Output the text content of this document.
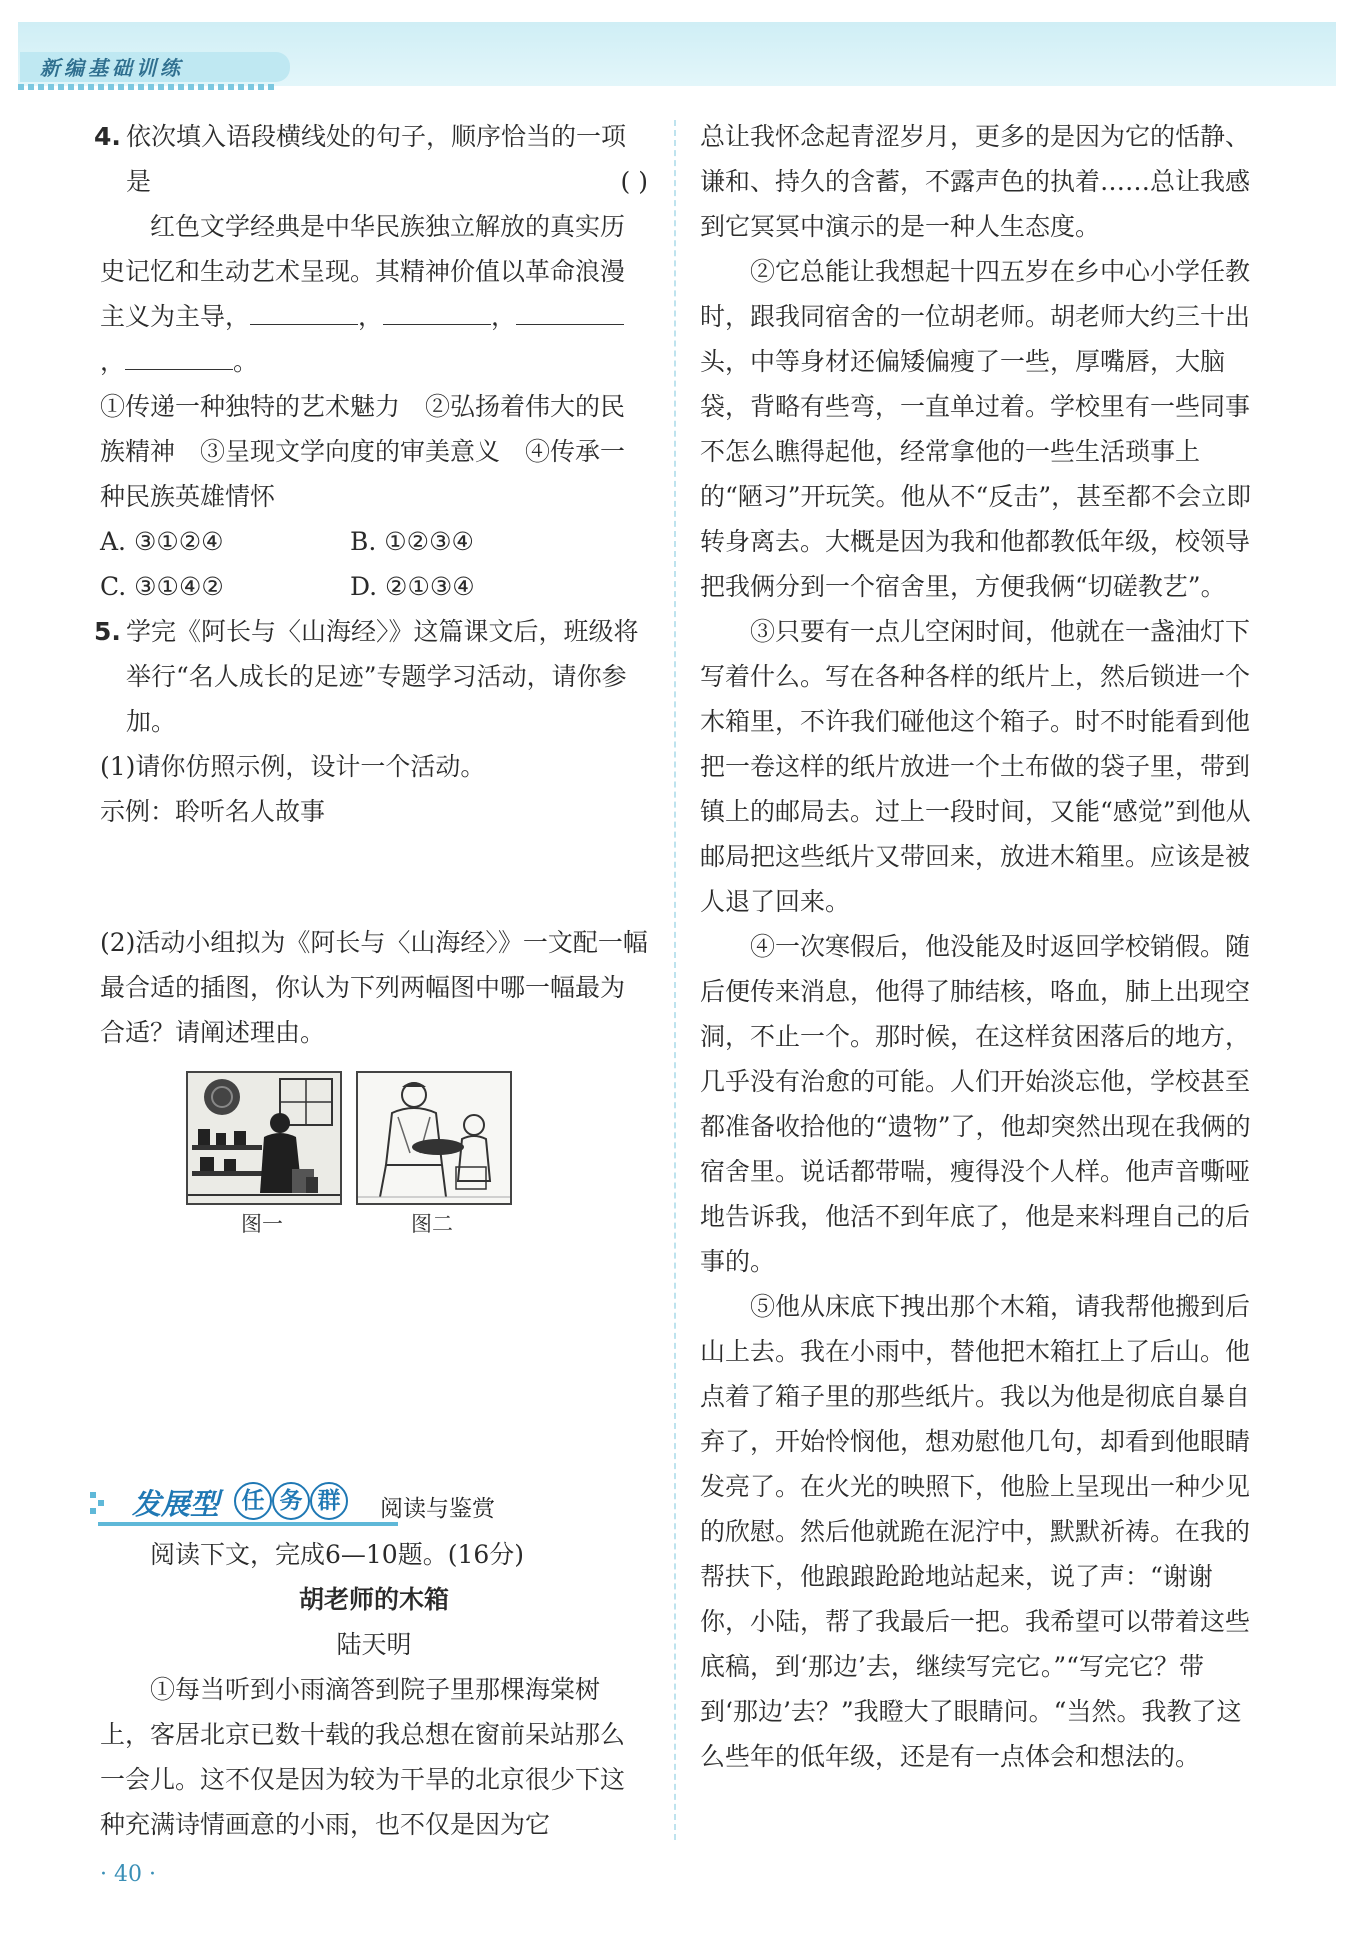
新编基础训练
4. 依次填入语段横线处的句子，顺序恰当的一项是	( )

红色文学经典是中华民族独立解放的真实历史记忆和生动艺术呈现。其精神价值以革命浪漫主义为主导，	，	，，	。

①传递一种独特的艺术魅力　②弘扬着伟大的民族精神　③呈现文学向度的审美意义　④传承一种民族英雄情怀

A. ③①②④	B. ①②③④
C. ③①④②	D. ②①③④
5. 学完《阿长与〈山海经〉》这篇课文后，班级将举行“名人成长的足迹”专题学习活动，请你参加。

(1)请你仿照示例，设计一个活动。

示例：聆听名人故事

(2)活动小组拟为《阿长与〈山海经〉》一文配一幅最合适的插图，你认为下列两幅图中哪一幅最为合适？请阐述理由。

图一	图二
发展型 任 务 群	阅读与鉴赏

阅读下文，完成6—10题。(16分)

胡老师的木箱

陆天明

①每当听到小雨滴答到院子里那棵海棠树上，客居北京已数十载的我总想在窗前呆站那么一会儿。这不仅是因为较为干旱的北京很少下这种充满诗情画意的小雨，也不仅是因为它

总让我怀念起青涩岁月，更多的是因为它的恬静、谦和、持久的含蓄，不露声色的执着……总让我感到它冥冥中演示的是一种人生态度。

②它总能让我想起十四五岁在乡中心小学任教时，跟我同宿舍的一位胡老师。胡老师大约三十出头，中等身材还偏矮偏瘦了一些，厚嘴唇，大脑袋，背略有些弯，一直单过着。学校里有一些同事不怎么瞧得起他，经常拿他的一些生活琐事上的“陋习”开玩笑。他从不“反击”，甚至都不会立即转身离去。大概是因为我和他都教低年级，校领导把我俩分到一个宿舍里，方便我俩“切磋教艺”。

③只要有一点儿空闲时间，他就在一盏油灯下写着什么。写在各种各样的纸片上，然后锁进一个木箱里，不许我们碰他这个箱子。时不时能看到他把一卷这样的纸片放进一个土布做的袋子里，带到镇上的邮局去。过上一段时间，又能“感觉”到他从邮局把这些纸片又带回来，放进木箱里。应该是被人退了回来。

④一次寒假后，他没能及时返回学校销假。随后便传来消息，他得了肺结核，咯血，肺上出现空洞，不止一个。那时候，在这样贫困落后的地方，几乎没有治愈的可能。人们开始淡忘他，学校甚至都准备收拾他的“遗物”了，他却突然出现在我俩的宿舍里。说话都带喘，瘦得没个人样。他声音嘶哑地告诉我，他活不到年底了，他是来料理自己的后事的。

⑤他从床底下拽出那个木箱，请我帮他搬到后山上去。我在小雨中，替他把木箱扛上了后山。他点着了箱子里的那些纸片。我以为他是彻底自暴自弃了，开始怜悯他，想劝慰他几句，却看到他眼睛发亮了。在火光的映照下，他脸上呈现出一种少见的欣慰。然后他就跪在泥泞中，默默祈祷。在我的帮扶下，他踉踉跄跄地站起来，说了声：“谢谢你，小陆，帮了我最后一把。我希望可以带着这些底稿，到‘那边’去，继续写完它。”“写完它？带到‘那边’去？”我瞪大了眼睛问。“当然。我教了这么些年的低年级，还是有一点体会和想法的。

· 40 ·
